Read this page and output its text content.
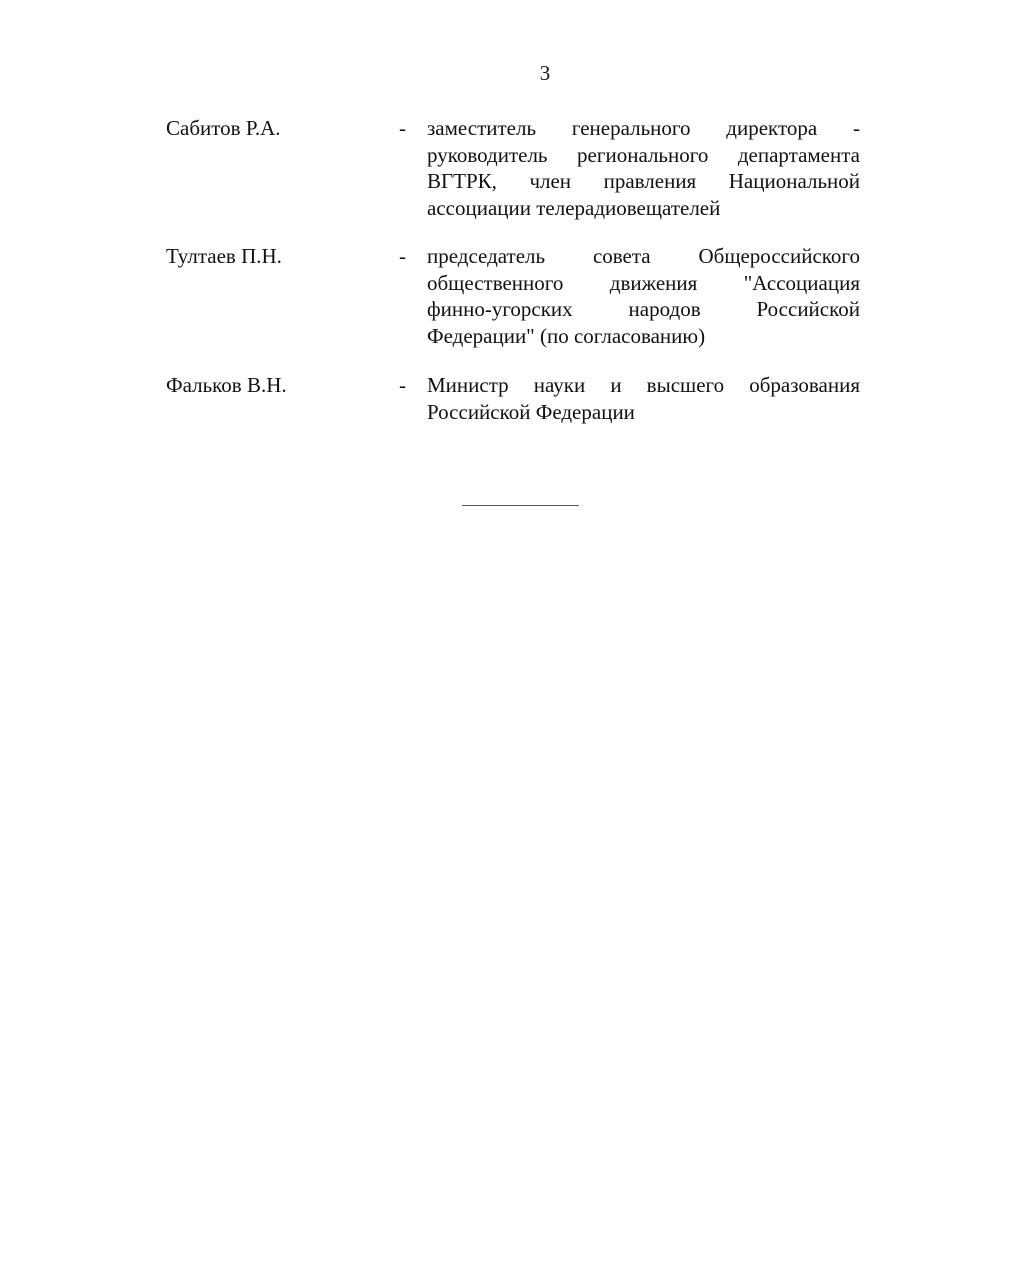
3
Сабитов Р.А.	- заместитель генерального директора -
руководитель регионального департамента
ВГТРК, член правления Национальной
ассоциации телерадиовещателей
Тултаев П.Н.	- председатель совета Общероссийского
общественного движения "Ассоциация
финно-угорских народов Российской
Федерации" (по согласованию)
Фальков В.Н.	- Министр науки и высшего образования
Российской Федерации
